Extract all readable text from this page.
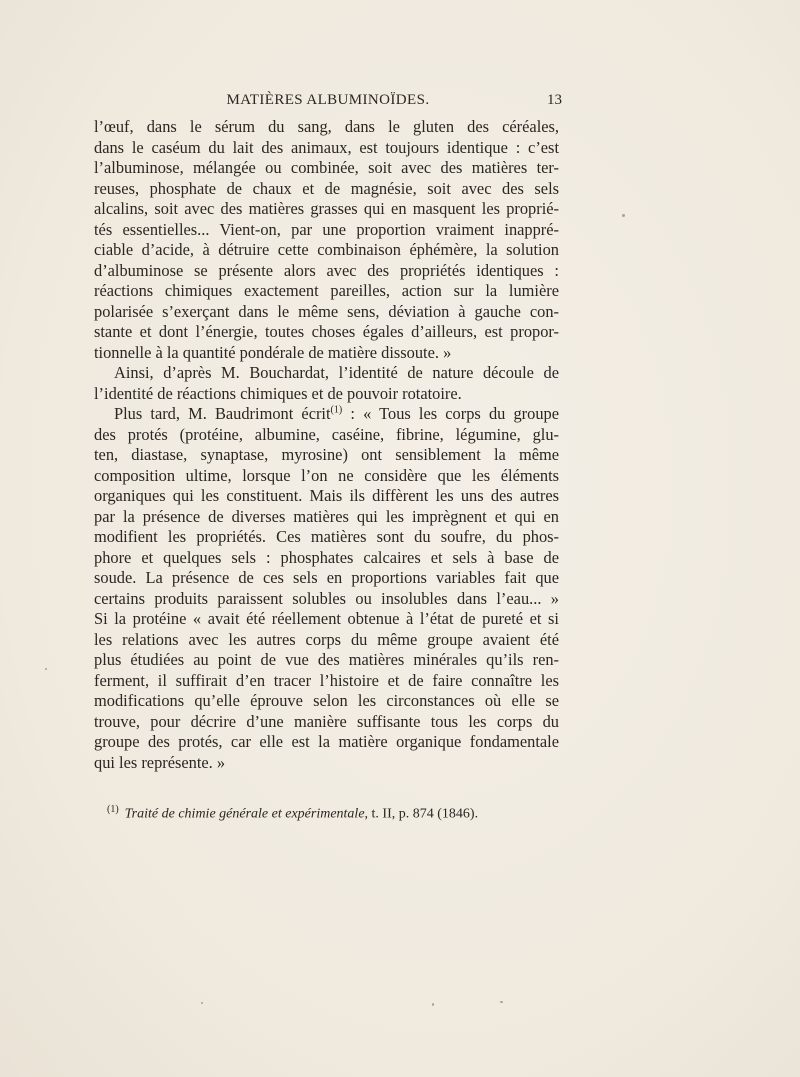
MATIÈRES ALBUMINOÏDES.	13
l’œuf, dans le sérum du sang, dans le gluten des céréales,
dans le caséum du lait des animaux, est toujours identique : c’est
l’albuminose, mélangée ou combinée, soit avec des matières ter-
reuses, phosphate de chaux et de magnésie, soit avec des sels
alcalins, soit avec des matières grasses qui en masquent les proprié-
tés essentielles... Vient-on, par une proportion vraiment inappré-
ciable d’acide, à détruire cette combinaison éphémère, la solution
d’albuminose se présente alors avec des propriétés identiques :
réactions chimiques exactement pareilles, action sur la lumière
polarisée s’exerçant dans le même sens, déviation à gauche con-
stante et dont l’énergie, toutes choses égales d’ailleurs, est propor-
tionnelle à la quantité pondérale de matière dissoute. »
Ainsi, d’après M. Bouchardat, l’identité de nature découle de
l’identité de réactions chimiques et de pouvoir rotatoire.
Plus tard, M. Baudrimont écrit$^{(1)}$ : « Tous les corps du groupe
des protés (protéine, albumine, caséine, fibrine, légumine, glu-
ten, diastase, synaptase, myrosine) ont sensiblement la même
composition ultime, lorsque l’on ne considère que les éléments
organiques qui les constituent. Mais ils diffèrent les uns des autres
par la présence de diverses matières qui les imprègnent et qui en
modifient les propriétés. Ces matières sont du soufre, du phos-
phore et quelques sels : phosphates calcaires et sels à base de
soude. La présence de ces sels en proportions variables fait que
certains produits paraissent solubles ou insolubles dans l’eau... »
Si la protéine « avait été réellement obtenue à l’état de pureté et si
les relations avec les autres corps du même groupe avaient été
plus étudiées au point de vue des matières minérales qu’ils ren-
ferment, il suffirait d’en tracer l’histoire et de faire connaître les
modifications qu’elle éprouve selon les circonstances où elle se
trouve, pour décrire d’une manière suffisante tous les corps du
groupe des protés, car elle est la matière organique fondamentale
qui les représente. »
$^{(1)}$ Traité de chimie générale et expérimentale, t. II, p. 874 (1846).
